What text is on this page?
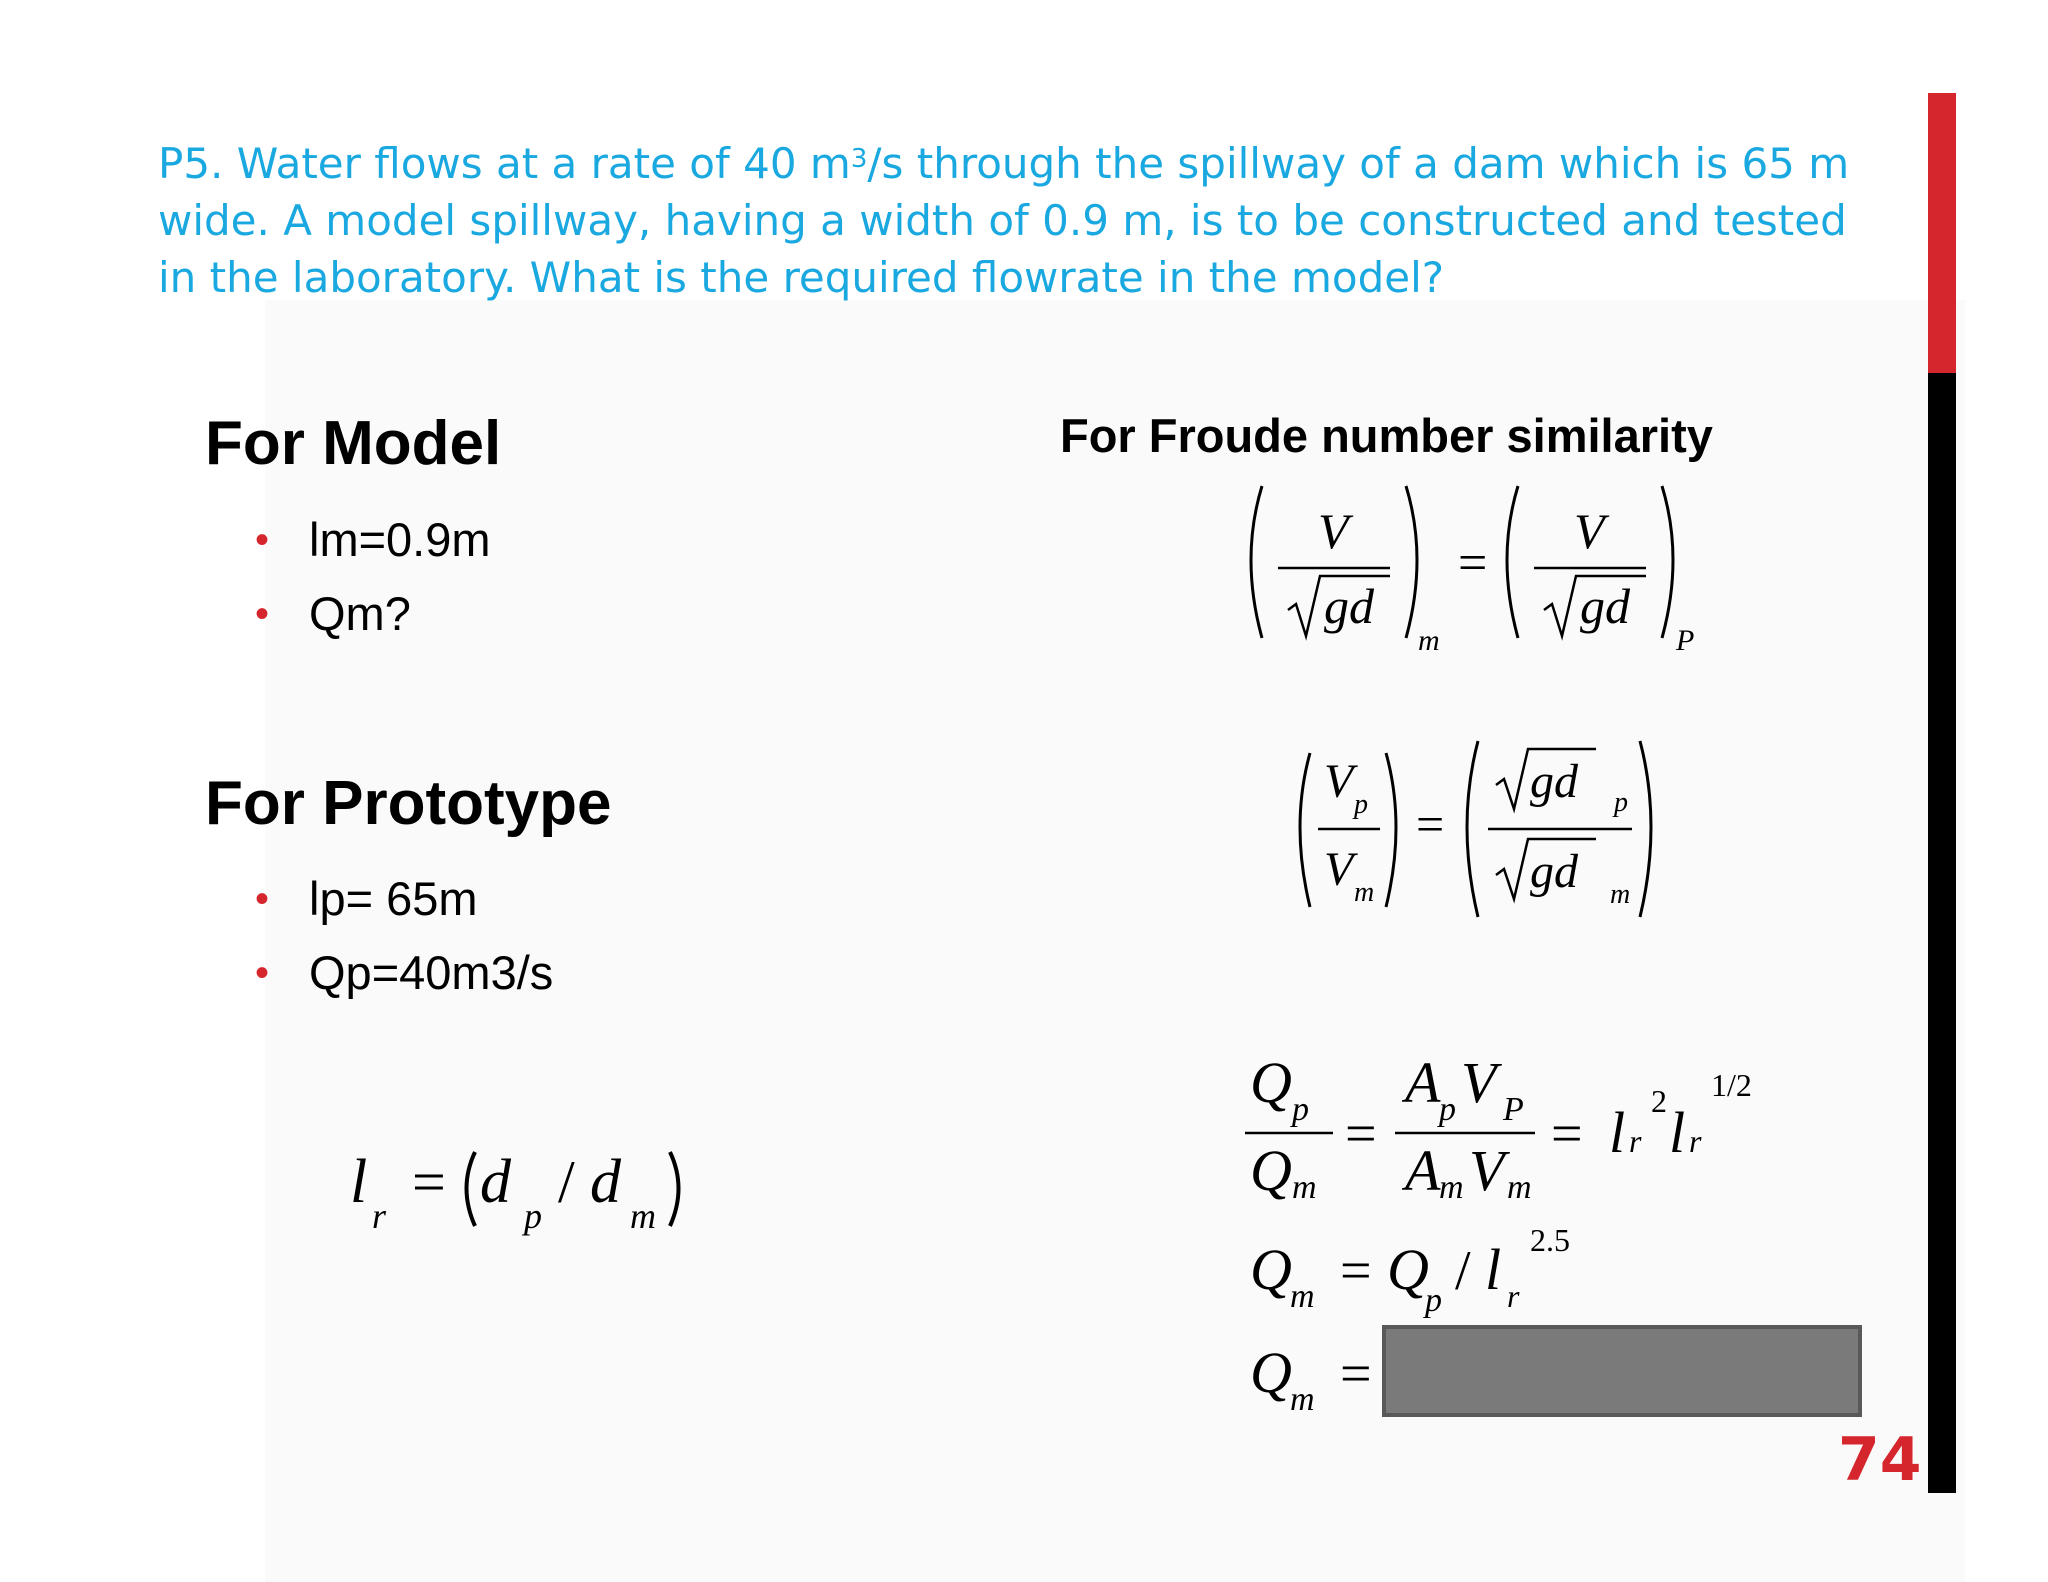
P5. Water flows at a rate of 40 $m^3/s$ through the spillway of a dam which is 65 m wide. A model spillway, having a width of 0.9 m, is to be constructed and tested in the laboratory. What is the required flowrate in the model?
For Model
• lm=0.9m
• Qm?
For Prototype
• lp= 65m
• Qp=40m3/s
For Froude number similarity
l r
= d p
/ d m
V
gd
m
=
V
gd
P
V p
V m
=
gd p
gd m
Q p
Q m
=
A
p V P
A
m V m
= l r
2 l r
1/2
Q
m = Q
p / l r
2.5
Q
m =
74
